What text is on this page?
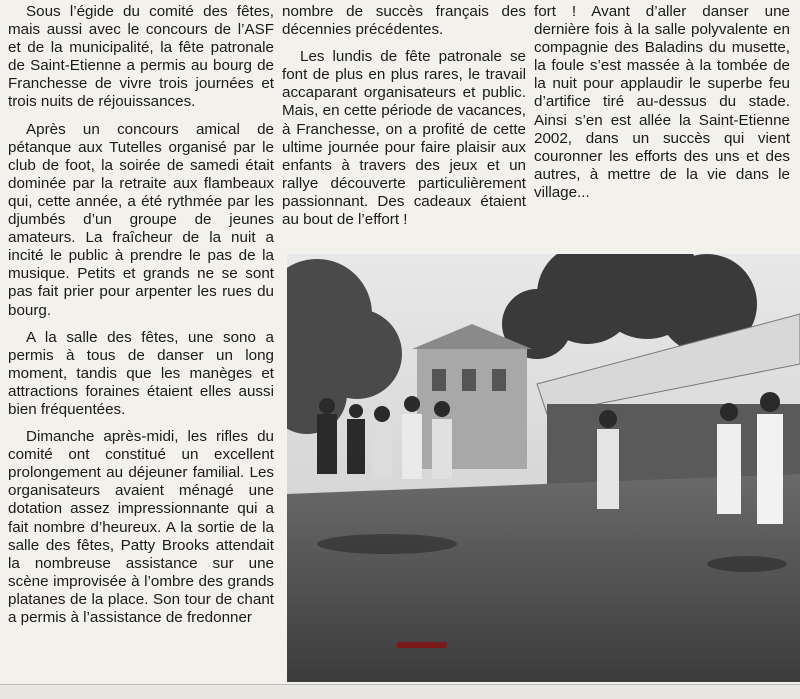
Sous l’égide du comité des fêtes, mais aussi avec le concours de l’ASF et de la municipalité, la fête patronale de Saint-Etienne a permis au bourg de Franchesse de vivre trois journées et trois nuits de réjouissances.

Après un concours amical de pétanque aux Tutelles organisé par le club de foot, la soirée de samedi était dominée par la retraite aux flambeaux qui, cette année, a été rythmée par les djumbés d’un groupe de jeunes amateurs. La fraîcheur de la nuit a incité le public à prendre le pas de la musique. Petits et grands ne se sont pas fait prier pour arpenter les rues du bourg.

A la salle des fêtes, une sono a permis à tous de danser un long moment, tandis que les manèges et attractions foraines étaient elles aussi bien fréquentées.

Dimanche après-midi, les rifles du comité ont constitué un excellent prolongement au déjeuner familial. Les organisateurs avaient ménagé une dotation assez impressionnante qui a fait nombre d’heureux. A la sortie de la salle des fêtes, Patty Brooks attendait la nombreuse assistance sur une scène improvisée à l’ombre des grands platanes de la place. Son tour de chant a permis à l’assistance de fredonner

nombre de succès français des décennies précédentes.

Les lundis de fête patronale se font de plus en plus rares, le travail accaparant organisateurs et public. Mais, en cette période de vacances, à Franchesse, on a profité de cette ultime journée pour faire plaisir aux enfants à travers des jeux et un rallye découverte particulièrement passionnant. Des cadeaux étaient au bout de l’effort !

fort ! Avant d’aller danser une dernière fois à la salle polyvalente en compagnie des Baladins du musette, la foule s’est massée à la tombée de la nuit pour applaudir le superbe feu d’artifice tiré au-dessus du stade. Ainsi s’en est allée la Saint-Etienne 2002, dans un succès qui vient couronner les efforts des uns et des autres, à mettre de la vie dans le village...
